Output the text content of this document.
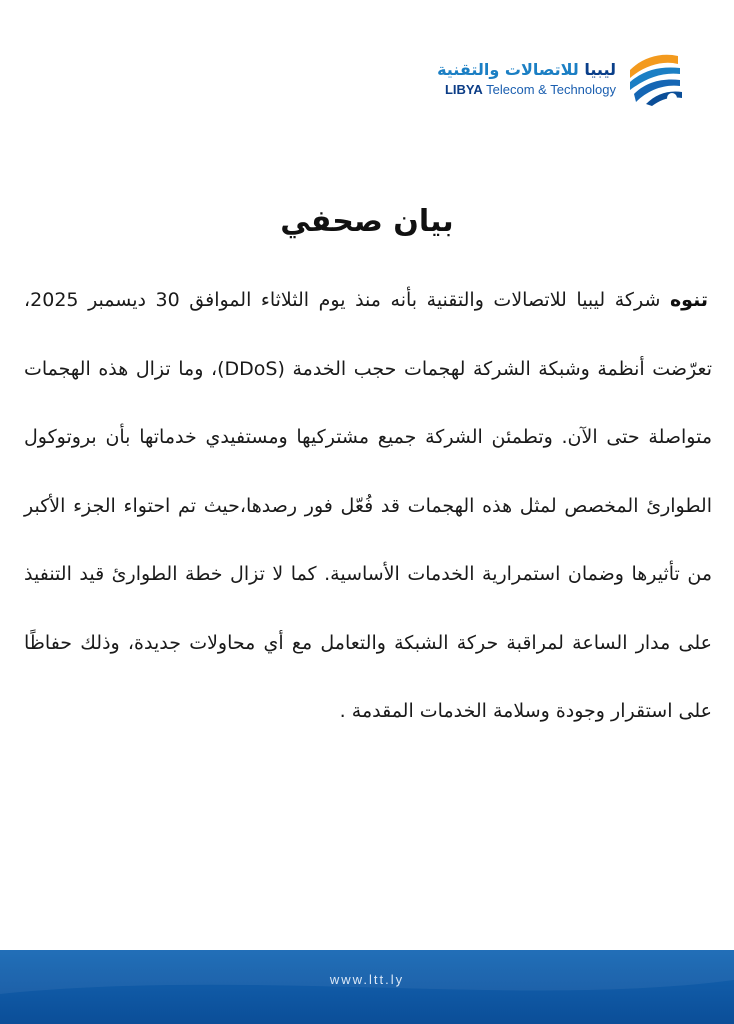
ليبيا للاتصالات والتقنية
LIBYA Telecom & Technology
بيان صحفي

تنوه شركة ليبيا للاتصالات والتقنية بأنه منذ يوم الثلاثاء الموافق 30 ديسمبر 2025، تعرّضت أنظمة وشبكة الشركة لهجمات حجب الخدمة (DDoS)، وما تزال هذه الهجمات متواصلة حتى الآن. وتطمئن الشركة جميع مشتركيها ومستفيدي خدماتها بأن بروتوكول الطوارئ المخصص لمثل هذه الهجمات قد فُعّل فور رصدها،حيث تم احتواء الجزء الأكبر من تأثيرها وضمان استمرارية الخدمات الأساسية. كما لا تزال خطة الطوارئ قيد التنفيذ على مدار الساعة لمراقبة حركة الشبكة والتعامل مع أي محاولات جديدة، وذلك حفاظًا على استقرار وجودة وسلامة الخدمات المقدمة .

www.ltt.ly
